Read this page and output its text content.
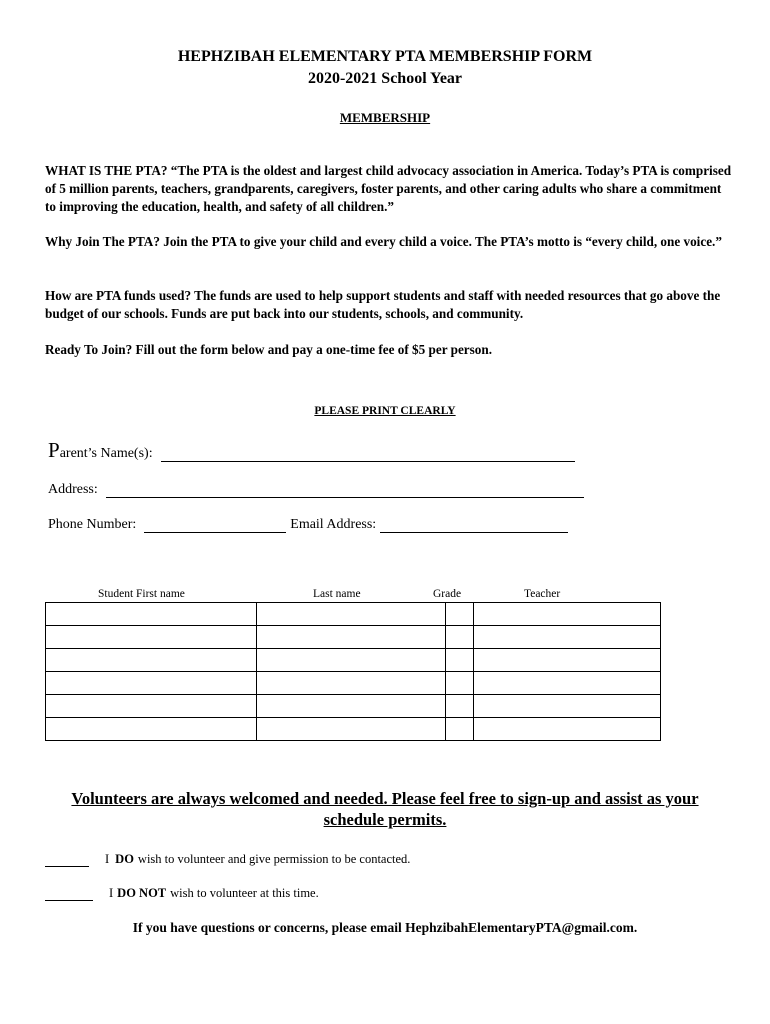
HEPHZIBAH ELEMENTARY PTA MEMBERSHIP FORM
2020-2021 School Year
MEMBERSHIP
WHAT IS THE PTA? “The PTA is the oldest and largest child advocacy association in America. Today’s PTA is comprised of 5 million parents, teachers, grandparents, caregivers, foster parents, and other caring adults who share a commitment to improving the education, health, and safety of all children.”
Why Join The PTA? Join the PTA to give your child and every child a voice. The PTA’s motto is “every child, one voice.”
How are PTA funds used? The funds are used to help support students and staff with needed resources that go above the budget of our schools. Funds are put back into our students, schools, and community.
Ready To Join? Fill out the form below and pay a one-time fee of $5 per person.
PLEASE PRINT CLEARLY
Parent’s Name(s):
Address:
Phone Number:	Email Address:
Student First name	Last name	Grade	Teacher

Volunteers are always welcomed and needed. Please feel free to sign-up and assist as your schedule permits.
I DO wish to volunteer and give permission to be contacted.
I DO NOT wish to volunteer at this time.
If you have questions or concerns, please email HephzibahElementaryPTA@gmail.com.
